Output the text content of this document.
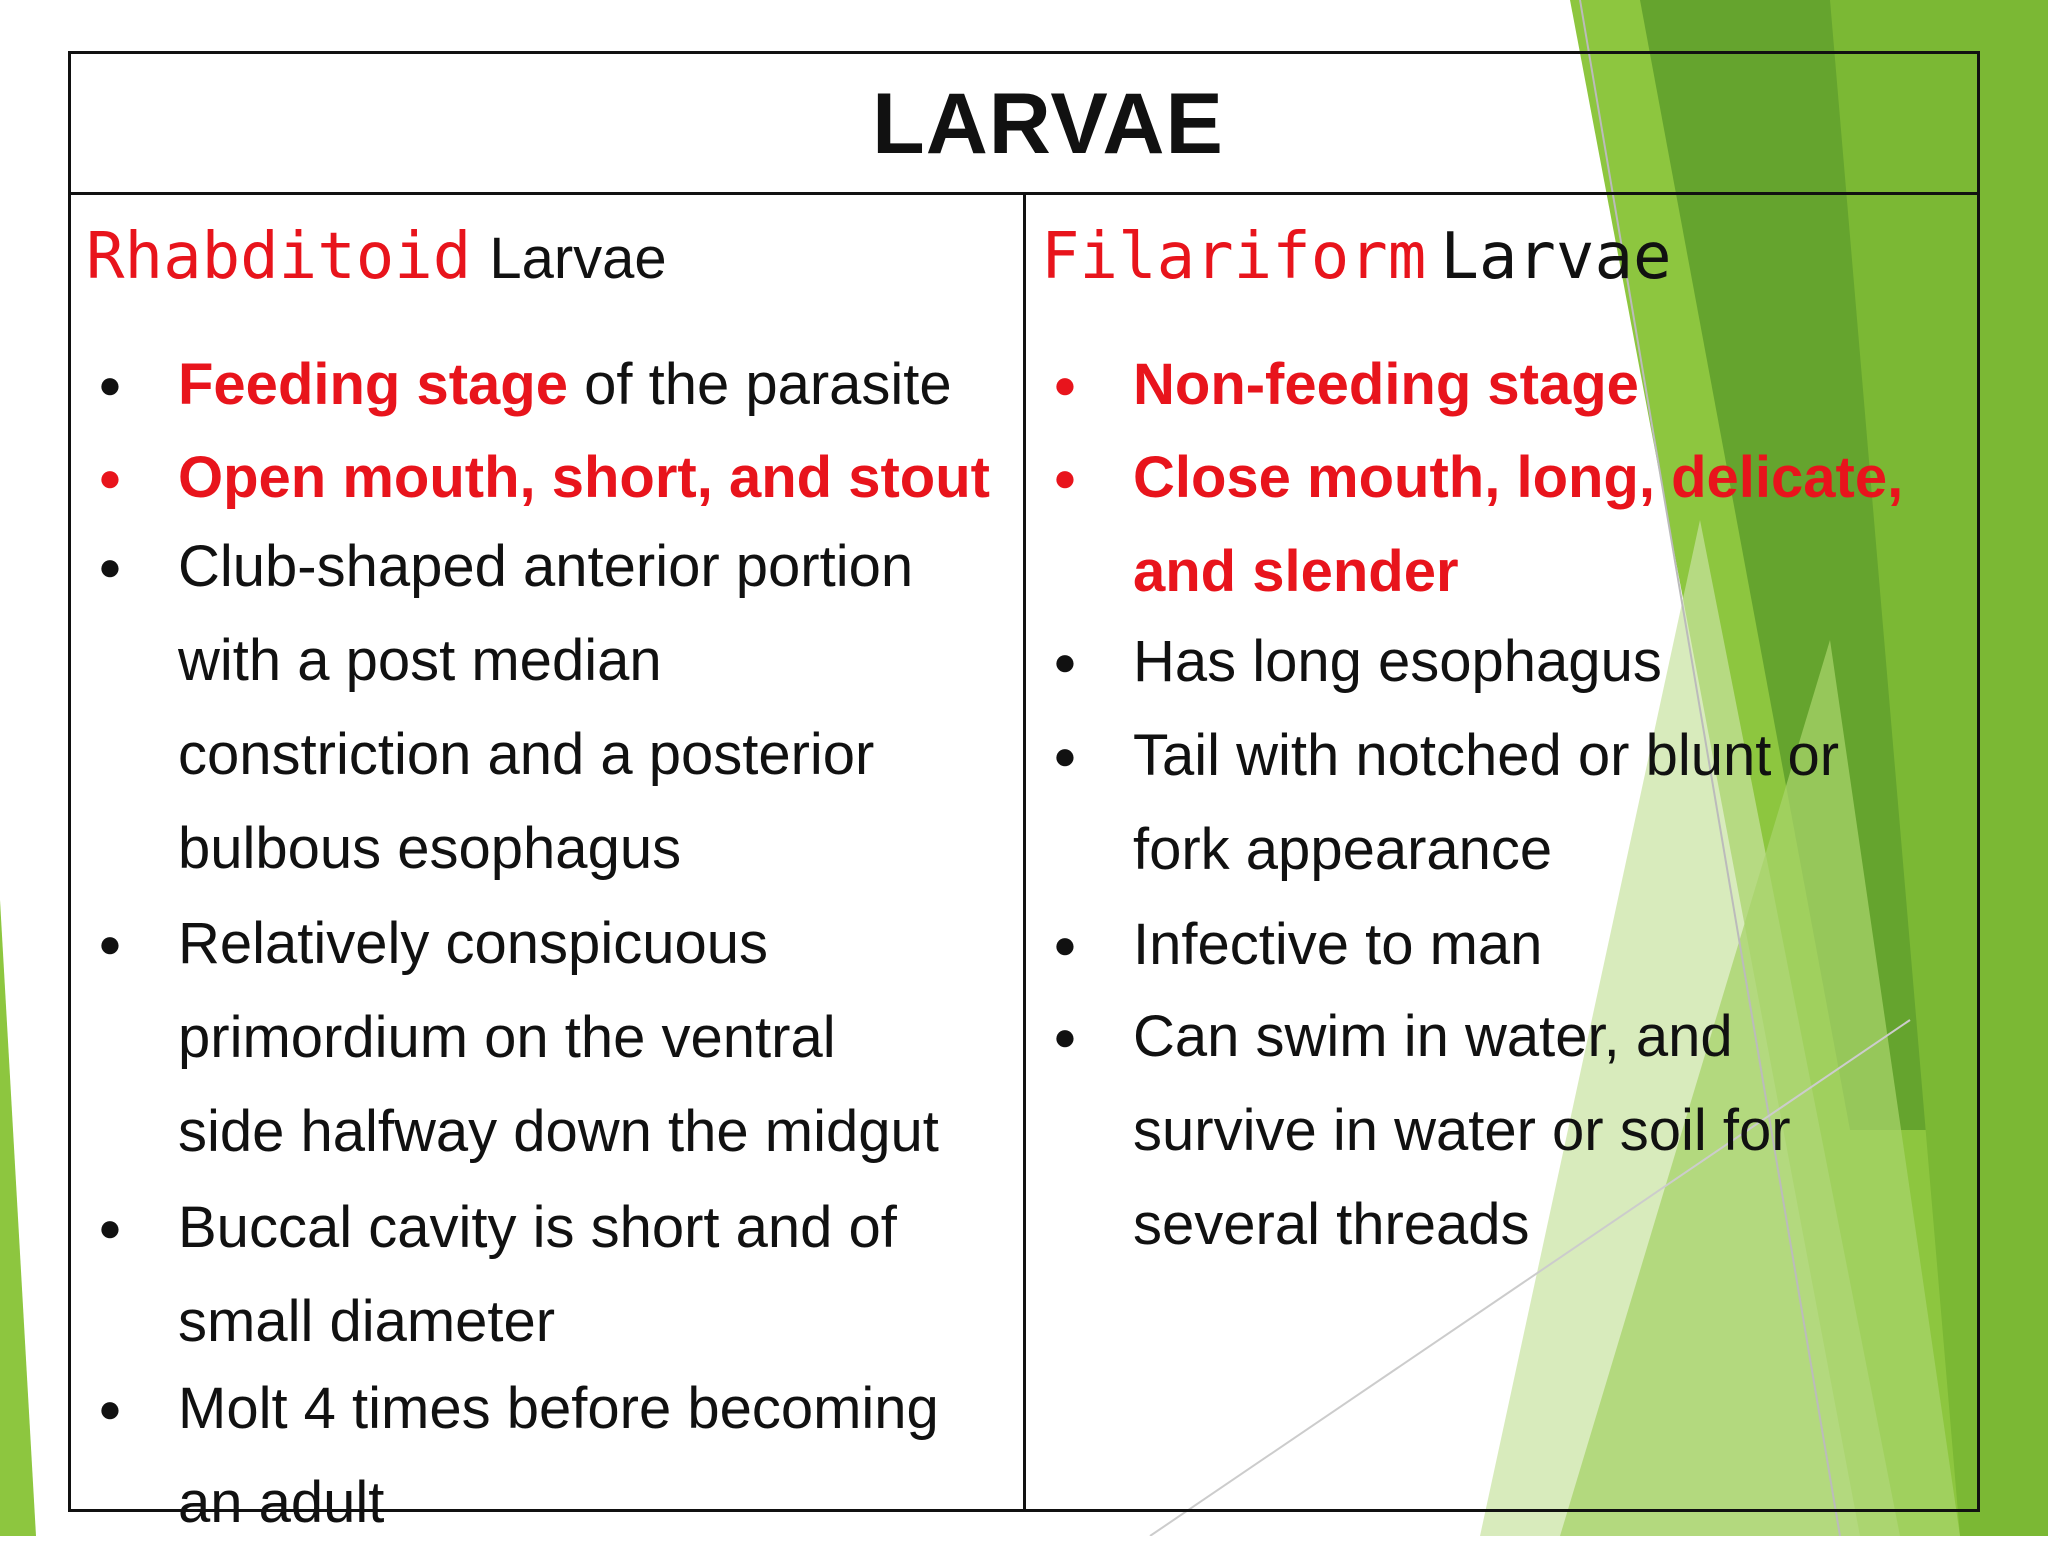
LARVAE
Rhabditoid Larvae
● Feeding stage of the parasite
● Open mouth, short, and stout
● Club-shaped anterior portion
with a post median
constriction and a posterior
bulbous esophagus
● Relatively conspicuous
primordium on the ventral
side halfway down the midgut
● Buccal cavity is short and of
small diameter
● Molt 4 times before becoming
an adult
Filariform Larvae
● Non-feeding stage
● Close mouth, long, delicate,
and slender
● Has long esophagus
● Tail with notched or blunt or
fork appearance
● Infective to man
● Can swim in water, and
survive in water or soil for
several threads
